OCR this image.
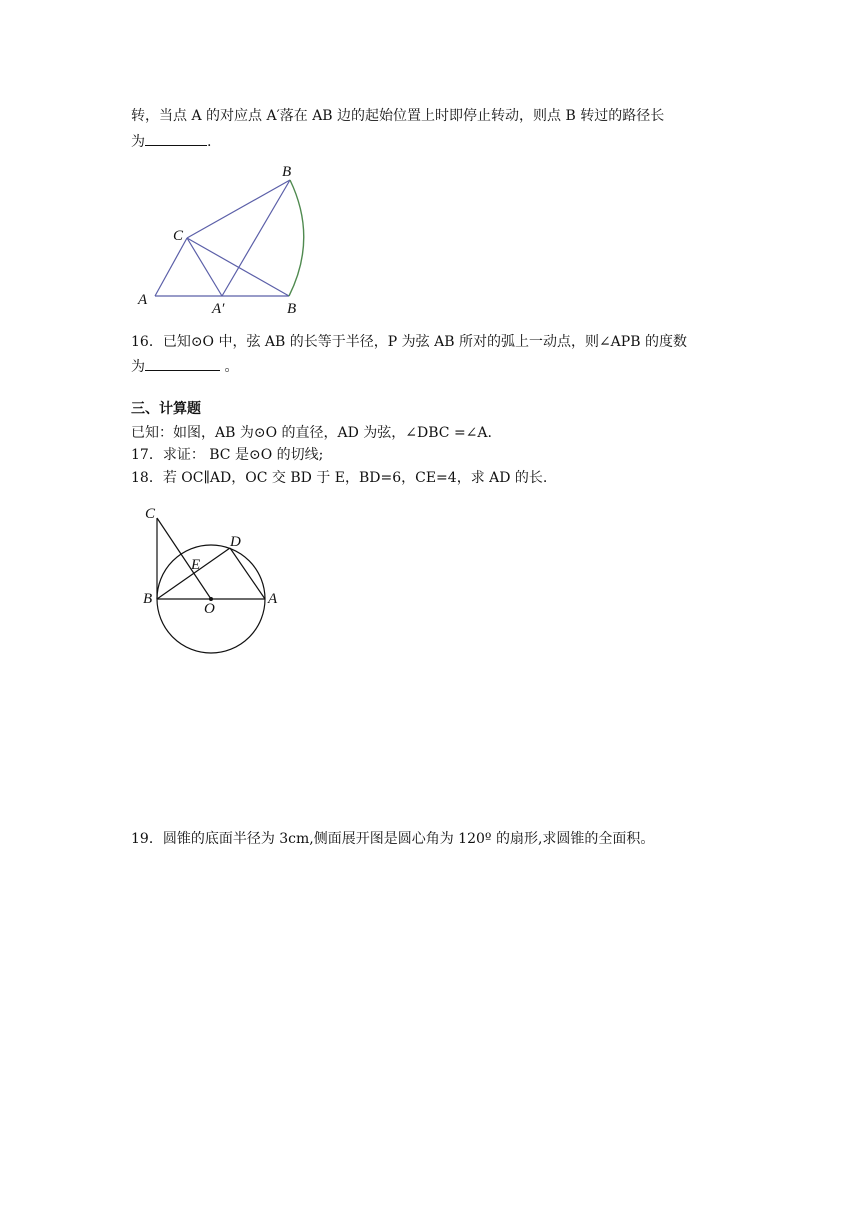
转，当点 A 的对应点 A′落在 AB 边的起始位置上时即停止转动，则点 B 转过的路径长
为	.
B
C
A
A′	B
16．已知⊙O 中，弦 AB 的长等于半径，P 为弦 AB 所对的弧上一动点，则∠APB 的度数
为	。
三、计算题
已知：如图，AB 为⊙O 的直径，AD 为弦，∠DBC =∠A.
17．求证： BC 是⊙O 的切线;
18．若 OC∥AD，OC 交 BD 于 E，BD=6，CE=4，求 AD 的长.
C
D
E
B
O
A
19．圆锥的底面半径为 3cm,侧面展开图是圆心角为 120º 的扇形,求圆锥的全面积。
